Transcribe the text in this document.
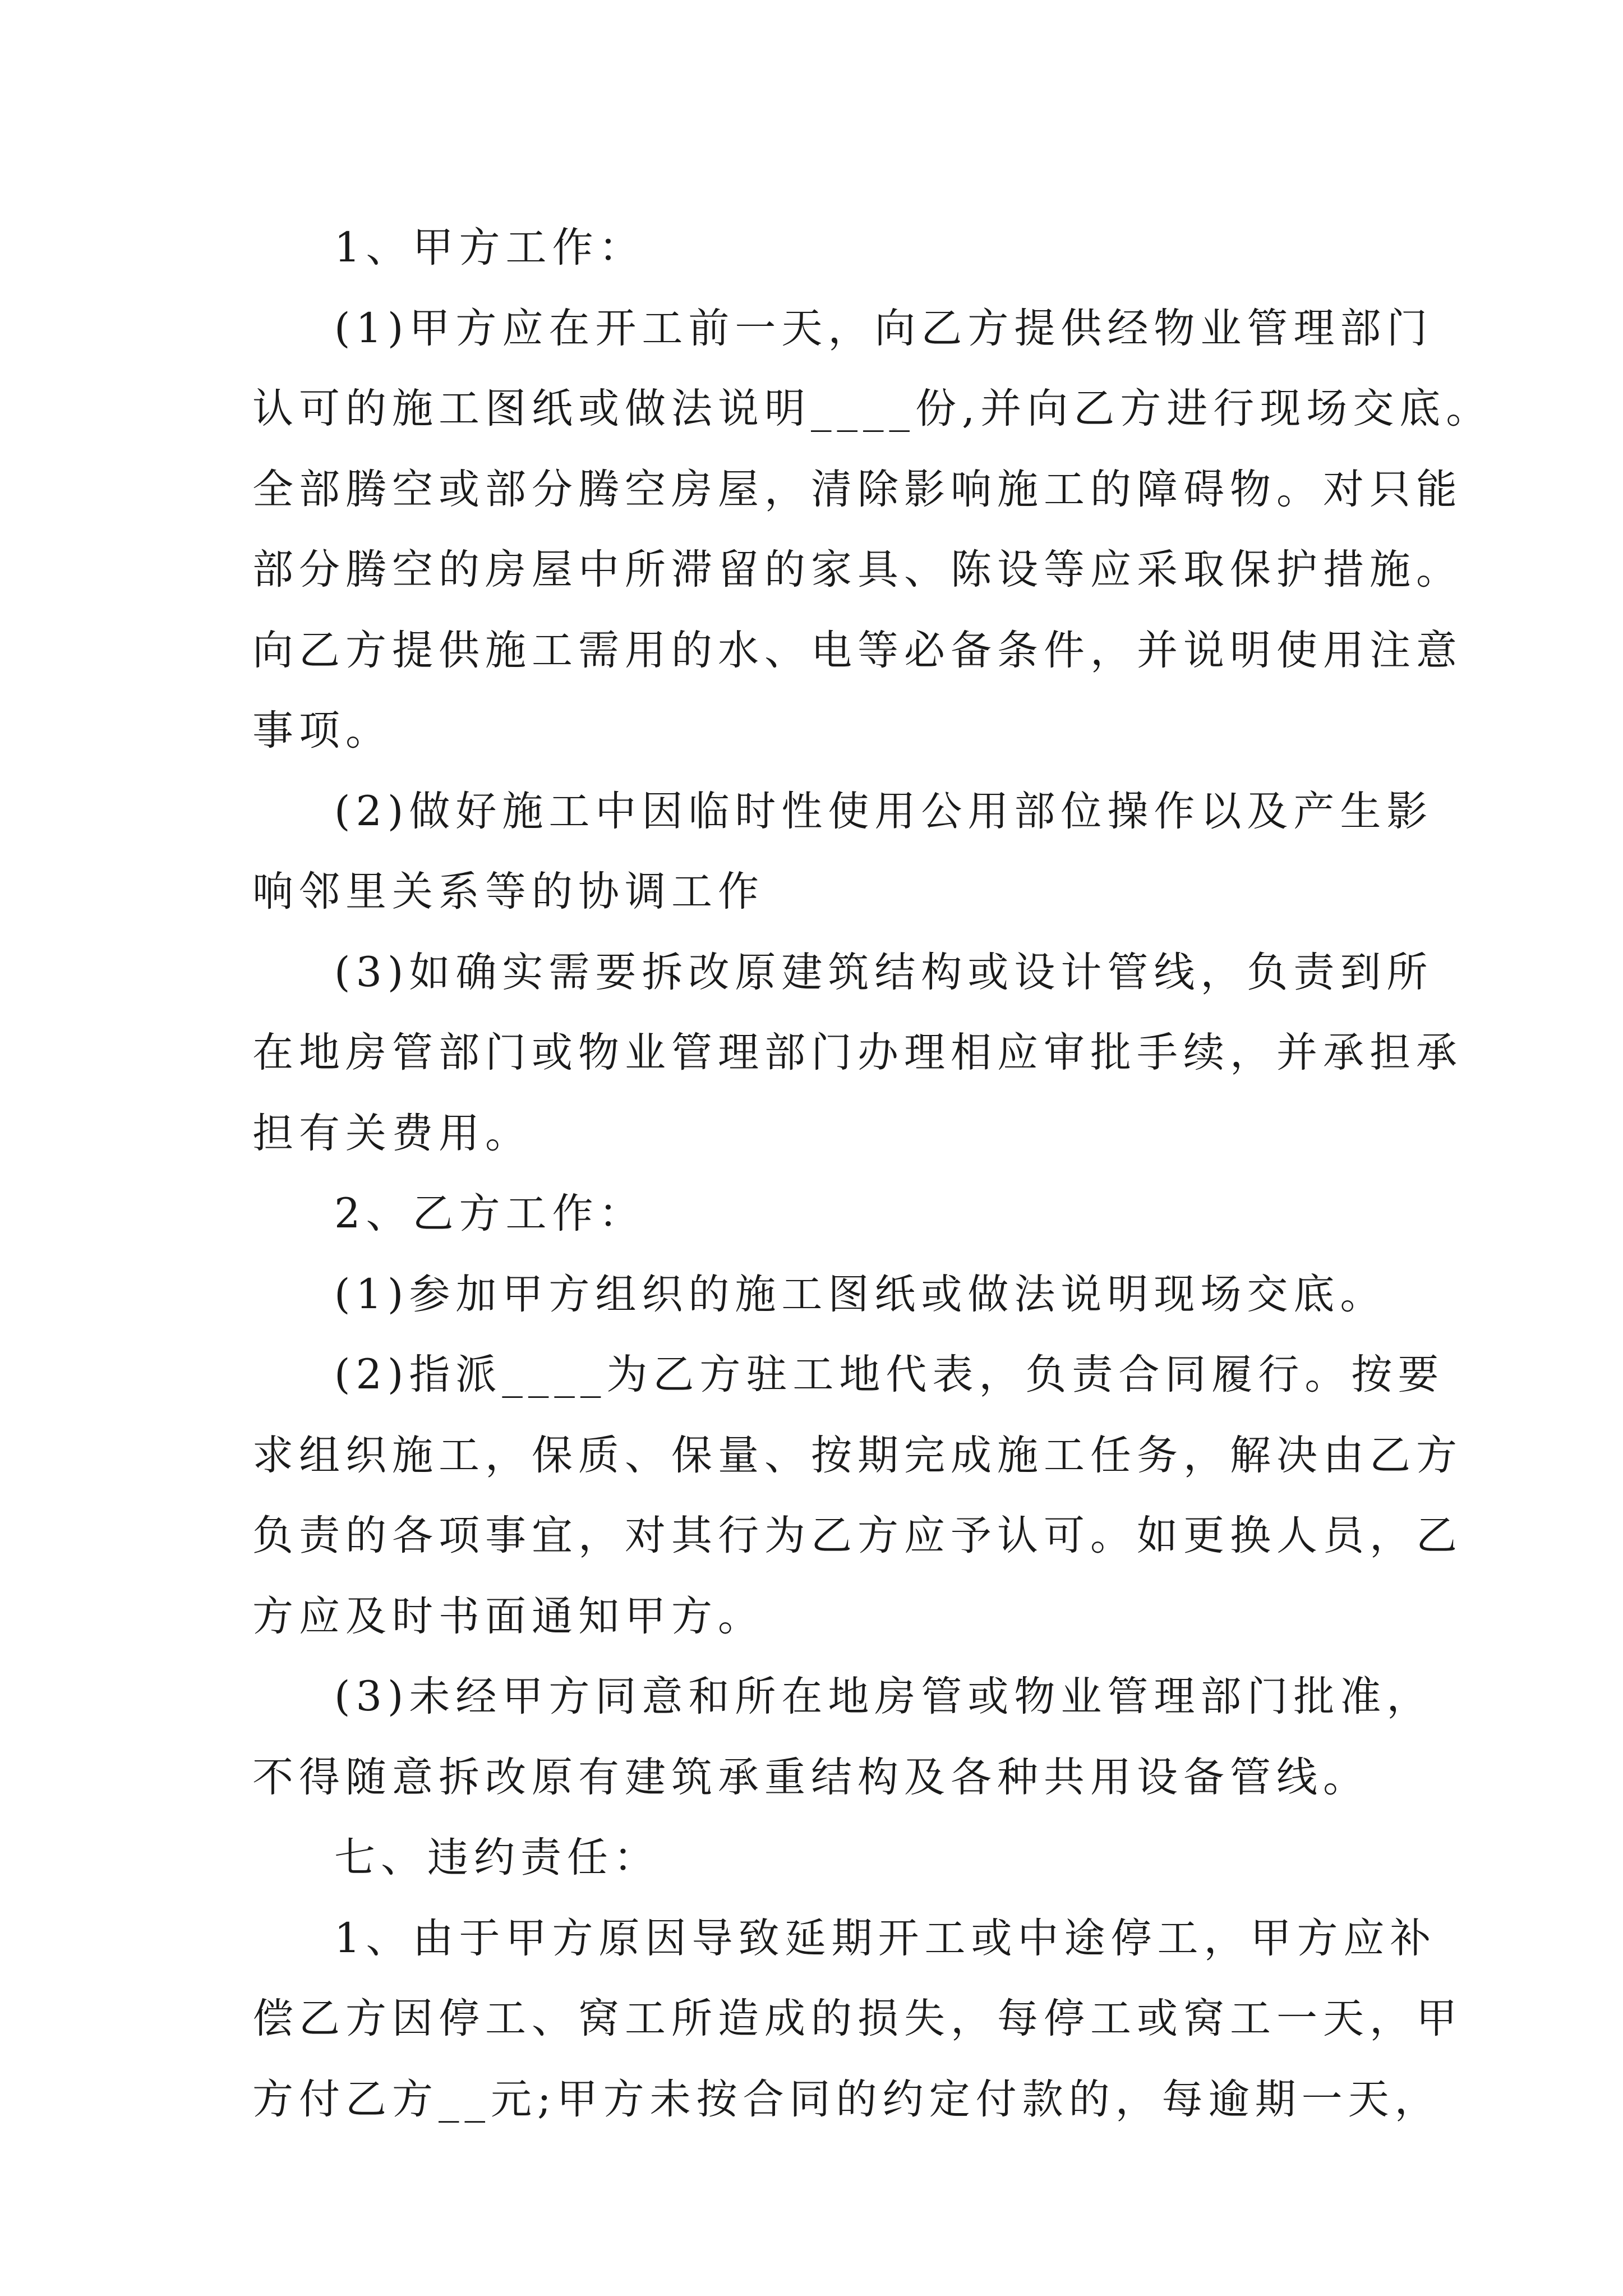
1、甲方工作：
(1)甲方应在开工前一天，向乙方提供经物业管理部门
认可的施工图纸或做法说明____份,并向乙方进行现场交底。
全部腾空或部分腾空房屋，清除影响施工的障碍物。对只能
部分腾空的房屋中所滞留的家具、陈设等应采取保护措施。
向乙方提供施工需用的水、电等必备条件，并说明使用注意
事项。
(2)做好施工中因临时性使用公用部位操作以及产生影
响邻里关系等的协调工作
(3)如确实需要拆改原建筑结构或设计管线，负责到所
在地房管部门或物业管理部门办理相应审批手续，并承担承
担有关费用。
2、乙方工作：
(1)参加甲方组织的施工图纸或做法说明现场交底。
(2)指派____为乙方驻工地代表，负责合同履行。按要
求组织施工，保质、保量、按期完成施工任务，解决由乙方
负责的各项事宜，对其行为乙方应予认可。如更换人员，乙
方应及时书面通知甲方。
(3)未经甲方同意和所在地房管或物业管理部门批准，
不得随意拆改原有建筑承重结构及各种共用设备管线。
七、违约责任：
1、由于甲方原因导致延期开工或中途停工，甲方应补
偿乙方因停工、窝工所造成的损失，每停工或窝工一天，甲
方付乙方__元;甲方未按合同的约定付款的，每逾期一天，
